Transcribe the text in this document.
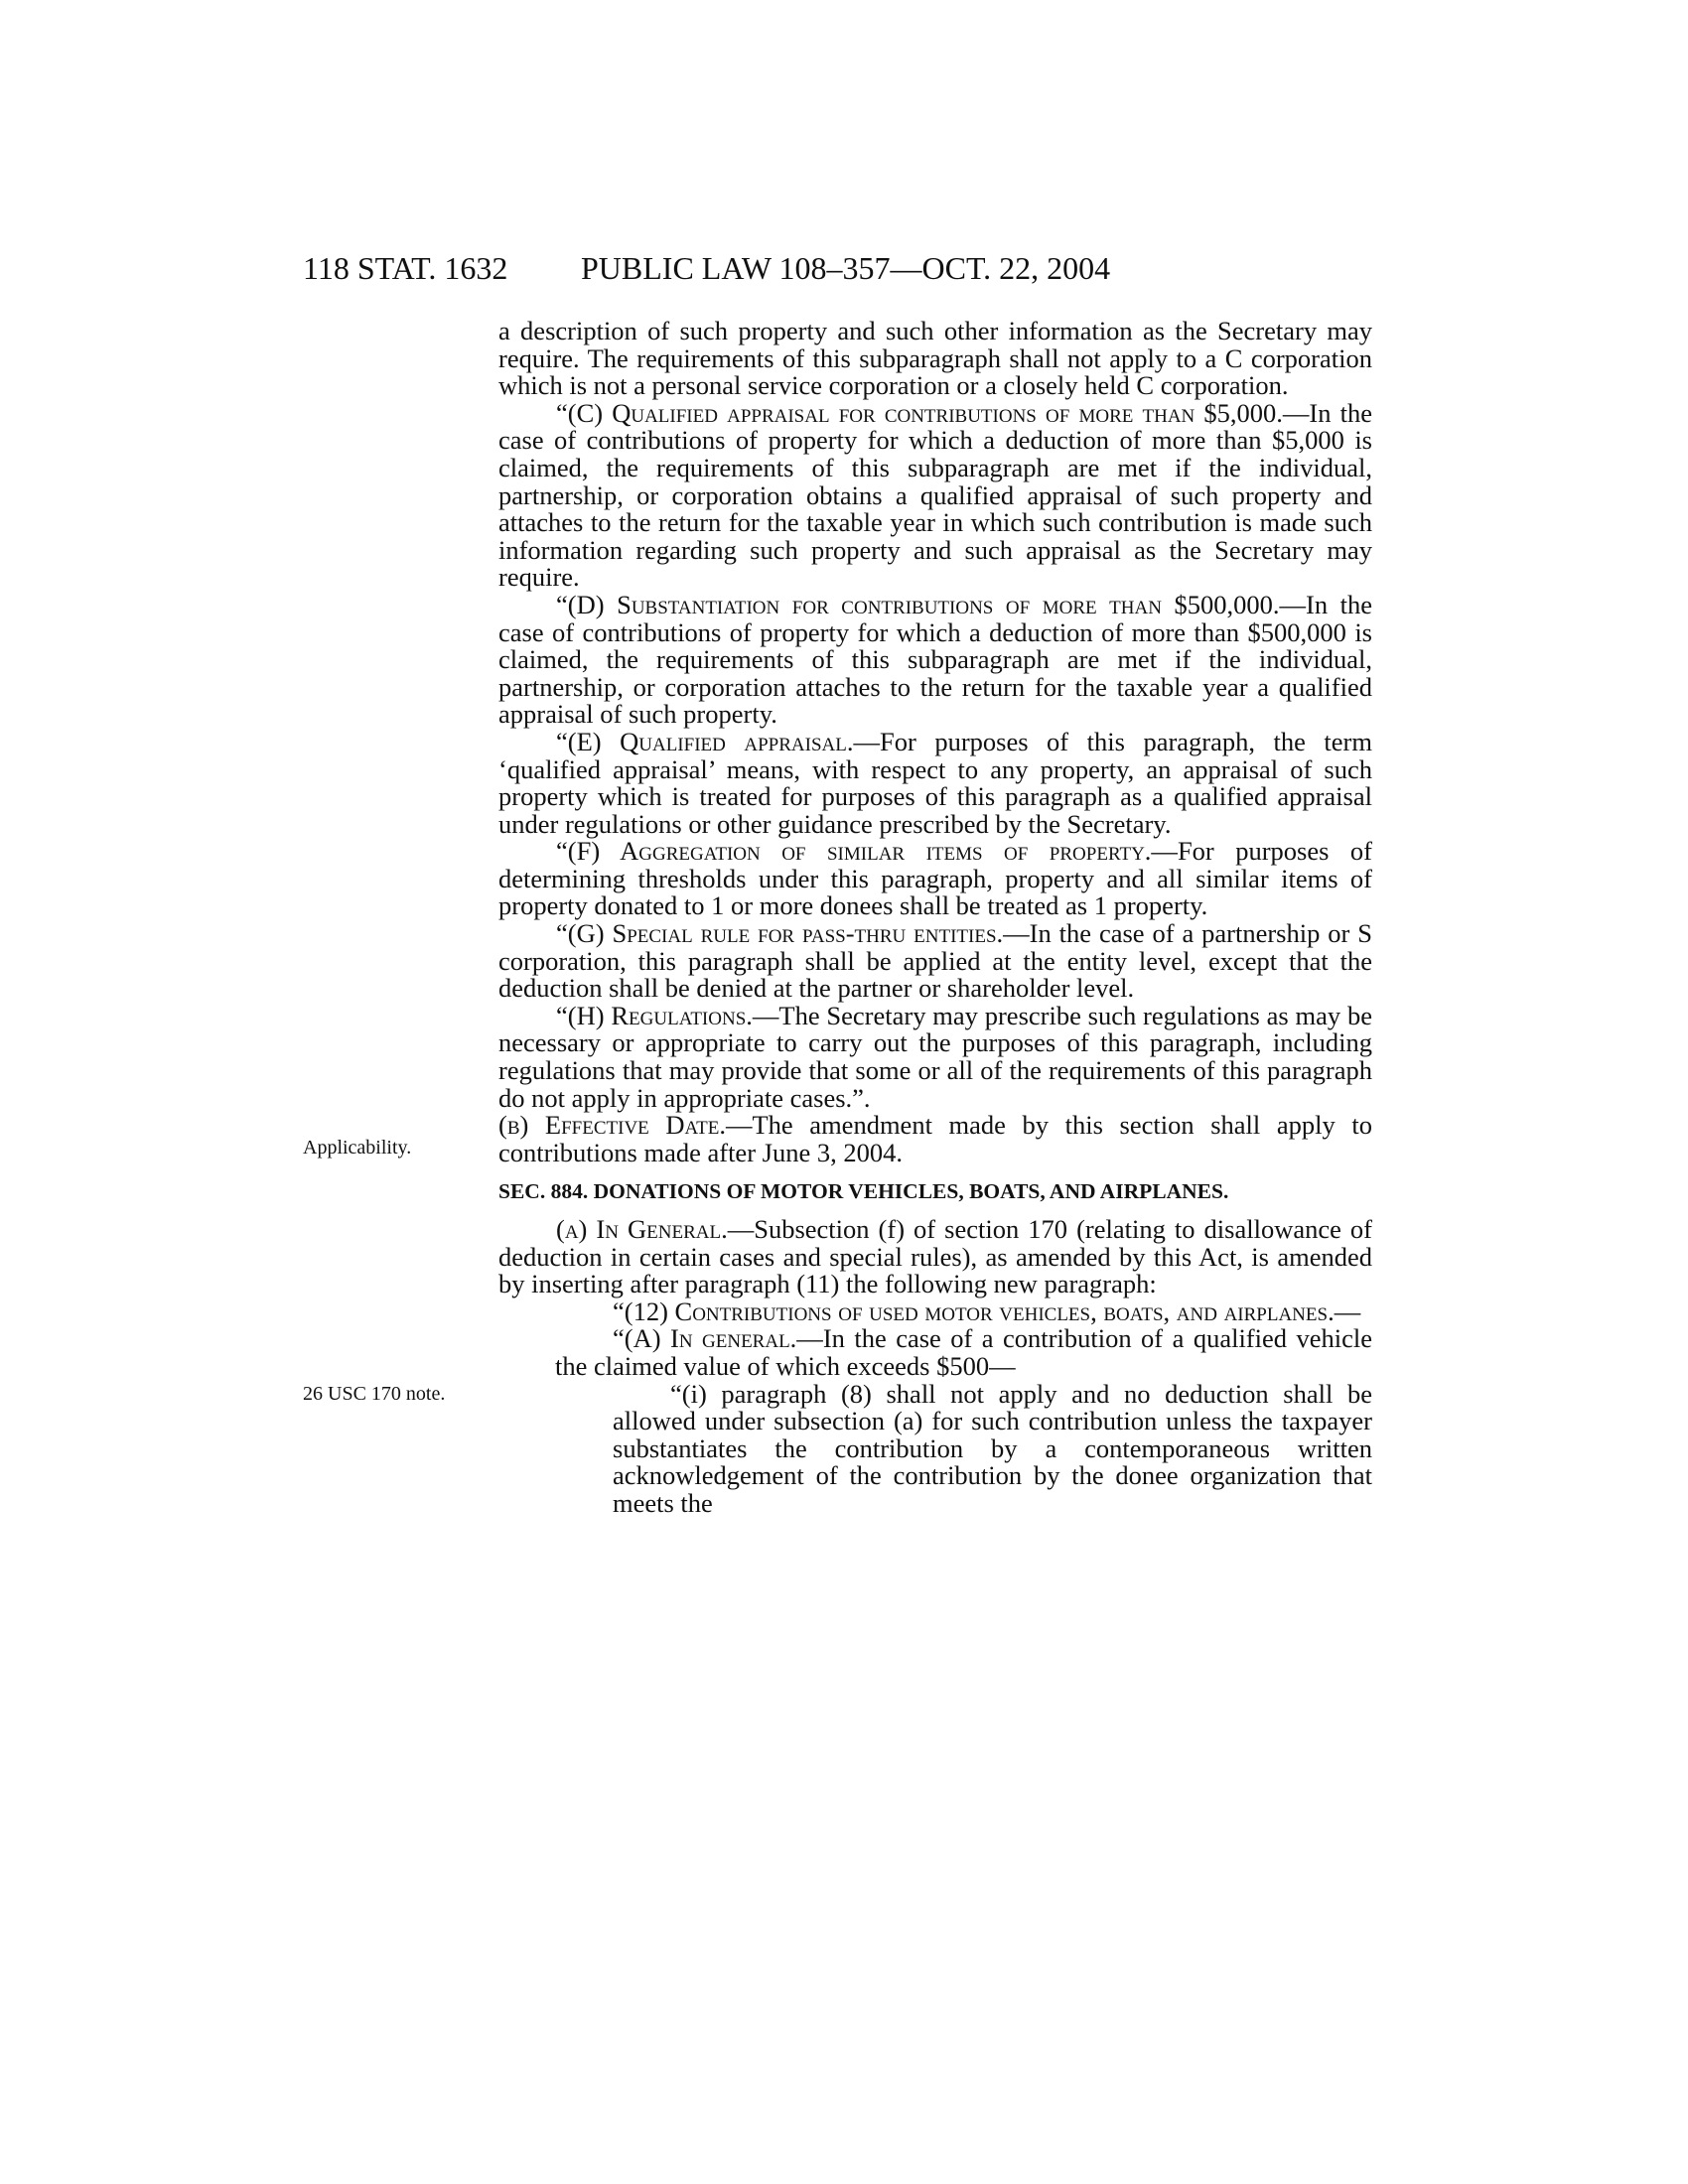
118 STAT. 1632 PUBLIC LAW 108–357—OCT. 22, 2004
Applicability.
26 USC 170 note.

a description of such property and such other information as the Secretary may require. The requirements of this subparagraph shall not apply to a C corporation which is not a personal service corporation or a closely held C corporation.

“(C) Qualified appraisal for contributions of more than $5,000.—In the case of contributions of property for which a deduction of more than $5,000 is claimed, the requirements of this subparagraph are met if the individual, partnership, or corporation obtains a qualified appraisal of such property and attaches to the return for the taxable year in which such contribution is made such information regarding such property and such appraisal as the Secretary may require.

“(D) Substantiation for contributions of more than $500,000.—In the case of contributions of property for which a deduction of more than $500,000 is claimed, the requirements of this subparagraph are met if the individual, partnership, or corporation attaches to the return for the taxable year a qualified appraisal of such property.

“(E) Qualified appraisal.—For purposes of this paragraph, the term ‘qualified appraisal’ means, with respect to any property, an appraisal of such property which is treated for purposes of this paragraph as a qualified appraisal under regulations or other guidance prescribed by the Secretary.

“(F) Aggregation of similar items of property.—For purposes of determining thresholds under this paragraph, property and all similar items of property donated to 1 or more donees shall be treated as 1 property.

“(G) Special rule for pass-thru entities.—In the case of a partnership or S corporation, this paragraph shall be applied at the entity level, except that the deduction shall be denied at the partner or shareholder level.

“(H) Regulations.—The Secretary may prescribe such regulations as may be necessary or appropriate to carry out the purposes of this paragraph, including regulations that may provide that some or all of the requirements of this paragraph do not apply in appropriate cases.”.

(b) Effective Date.—The amendment made by this section shall apply to contributions made after June 3, 2004.

SEC. 884. DONATIONS OF MOTOR VEHICLES, BOATS, AND AIRPLANES.

(a) In General.—Subsection (f) of section 170 (relating to disallowance of deduction in certain cases and special rules), as amended by this Act, is amended by inserting after paragraph (11) the following new paragraph:

“(12) Contributions of used motor vehicles, boats, and airplanes.—

“(A) In general.—In the case of a contribution of a qualified vehicle the claimed value of which exceeds $500—

“(i) paragraph (8) shall not apply and no deduction shall be allowed under subsection (a) for such contribution unless the taxpayer substantiates the contribution by a contemporaneous written acknowledgement of the contribution by the donee organization that meets the
